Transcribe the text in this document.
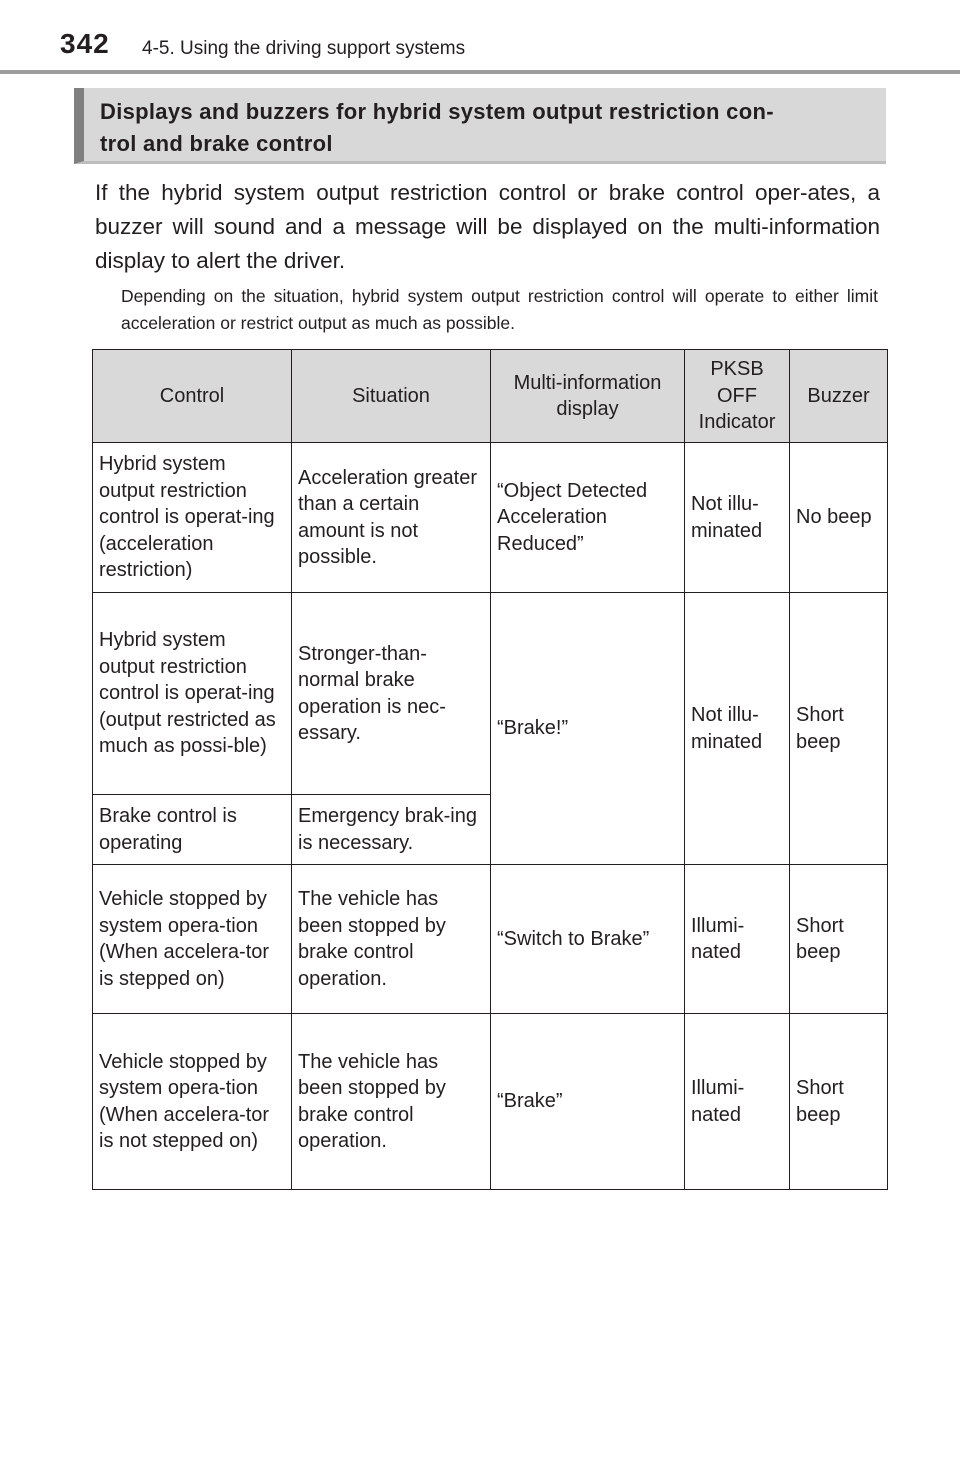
342 4-5. Using the driving support systems
Displays and buzzers for hybrid system output restriction con-
trol and brake control

If the hybrid system output restriction control or brake control oper-ates, a buzzer will sound and a message will be displayed on the multi-information display to alert the driver.

Depending on the situation, hybrid system output restriction control will operate to either limit acceleration or restrict output as much as possible.

Control	Situation	Multi-information display	PKSB OFF Indicator	Buzzer
Hybrid system output restriction control is operat-ing (acceleration restriction)	Acceleration greater than a certain amount is not possible.	“Object Detected Acceleration Reduced”	Not illu-minated	No beep
Hybrid system output restriction control is operat-ing (output restricted as much as possi-ble)	Stronger-than-normal brake operation is nec-essary.	“Brake!”	Not illu-minated	Short beep
Brake control is operating	Emergency brak-ing is necessary.			
Vehicle stopped by system opera-tion (When accelera-tor is stepped on)	The vehicle has been stopped by brake control operation.	“Switch to Brake”	Illumi-nated	Short beep
Vehicle stopped by system opera-tion (When accelera-tor is not stepped on)	The vehicle has been stopped by brake control operation.	“Brake”	Illumi-nated	Short beep
